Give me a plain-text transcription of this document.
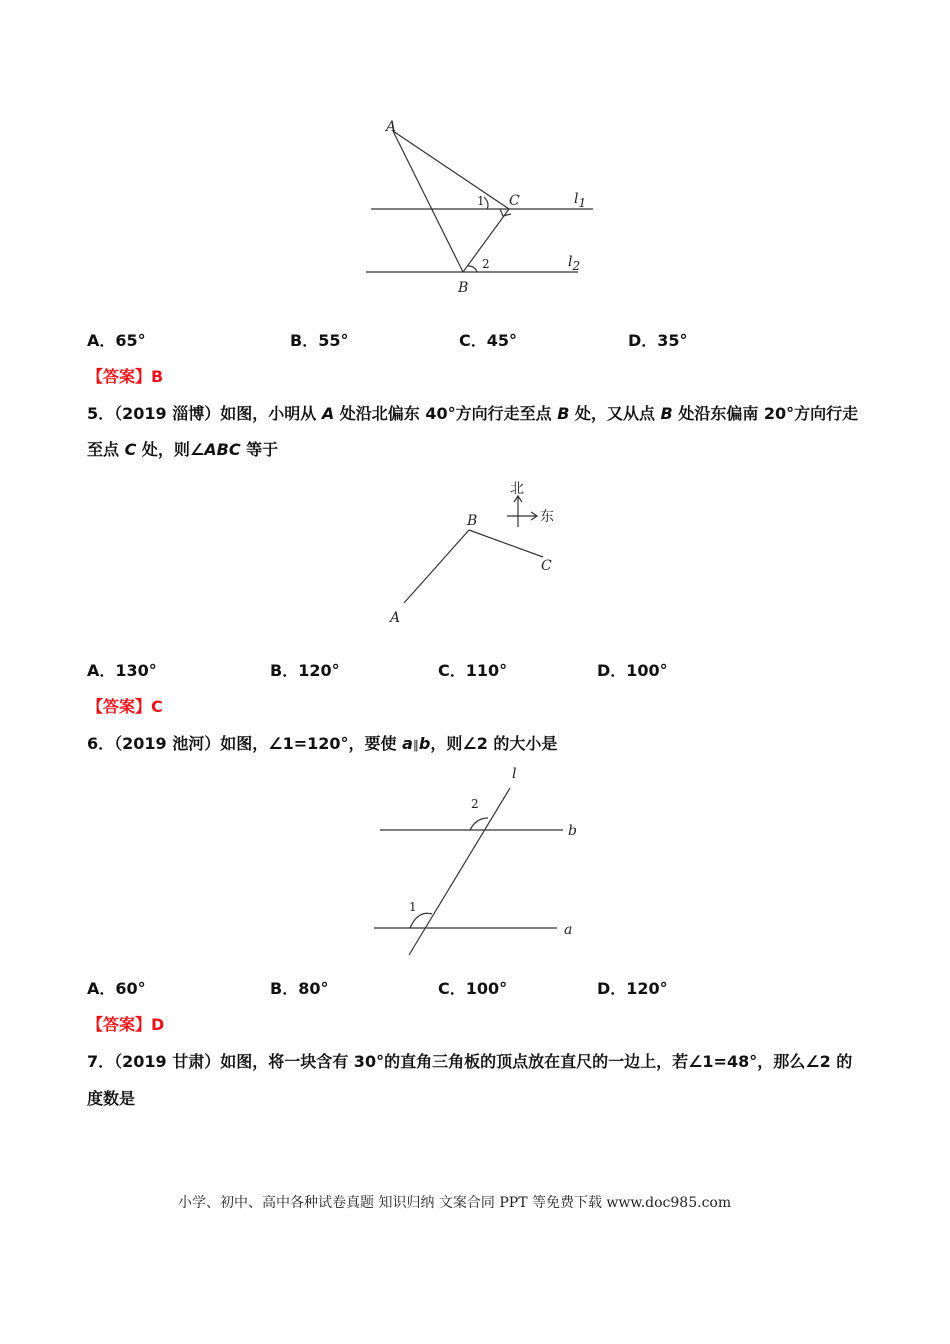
A
C
B
l1
l2
1
2
A．65°	B．55°	C．45°	D．35°
【答案】B
5．（2019 淄博）如图，小明从 A 处沿北偏东 40°方向行走至点 B 处，又从点 B 处沿东偏南 20°方向行走
至点 C 处，则∠ABC 等于
北
东
B
C
A
A．130°	B．120°	C．110°	D．100°
【答案】C
6．（2019 池河）如图，∠1=120°，要使 a∥b，则∠2 的大小是
l
b
a
2
1
A．60°	B．80°	C．100°	D．120°
【答案】D
7．（2019 甘肃）如图，将一块含有 30°的直角三角板的顶点放在直尺的一边上，若∠1=48°，那么∠2 的
度数是
小学、初中、高中各种试卷真题 知识归纳 文案合同 PPT 等免费下载 www.doc985.com
